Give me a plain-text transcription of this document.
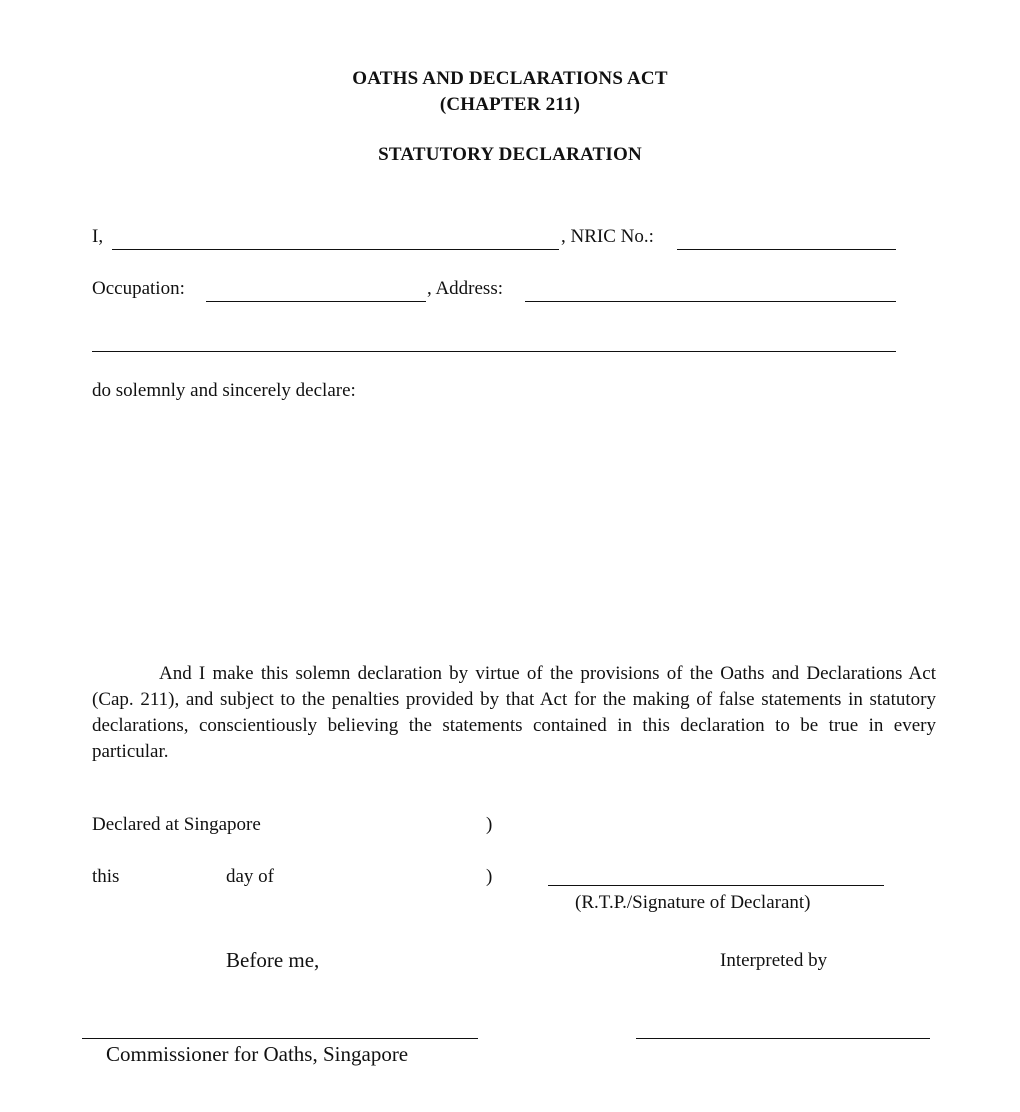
OATHS AND DECLARATIONS ACT
(CHAPTER 211)
STATUTORY DECLARATION
I,	, NRIC No.:
Occupation:	, Address:
do solemnly and sincerely declare:
And I make this solemn declaration by virtue of the provisions of the Oaths and Declarations Act (Cap. 211), and subject to the penalties provided by that Act for the making of false statements in statutory declarations, conscientiously believing the statements contained in this declaration to be true in every particular.
Declared at Singapore	)
this	day of	)
(R.T.P./Signature of Declarant)
Before me,	Interpreted by
Commissioner for Oaths, Singapore
